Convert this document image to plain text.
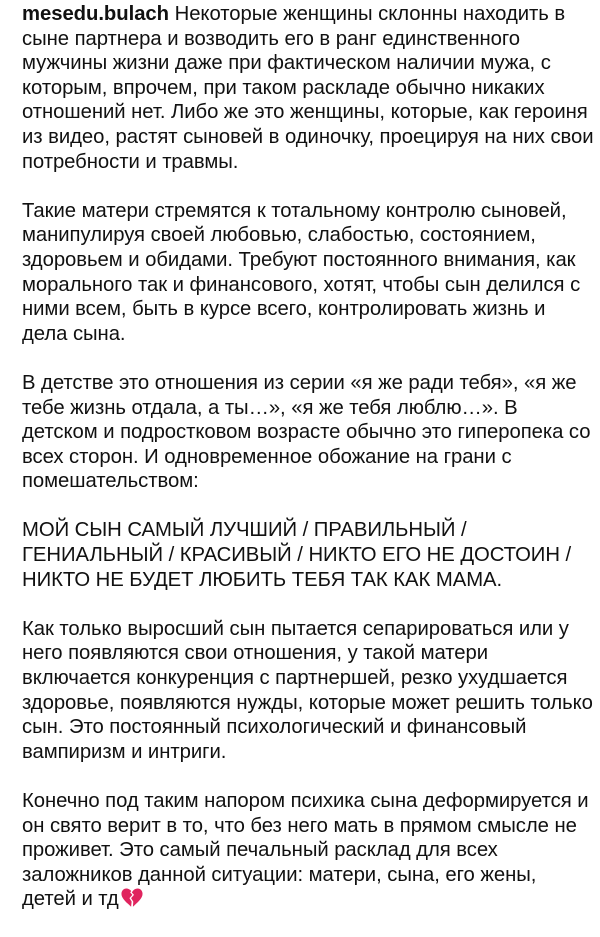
mesedu.bulach Некоторые женщины склонны находить в сыне партнера и возводить его в ранг единственного мужчины жизни даже при фактическом наличии мужа, с которым, впрочем, при таком раскладе обычно никаких отношений нет. Либо же это женщины, которые, как героиня из видео, растят сыновей в одиночку, проецируя на них свои потребности и травмы.

Такие матери стремятся к тотальному контролю сыновей, манипулируя своей любовью, слабостью, состоянием, здоровьем и обидами. Требуют постоянного внимания, как морального так и финансового, хотят, чтобы сын делился с ними всем, быть в курсе всего, контролировать жизнь и дела сына.

В детстве это отношения из серии «я же ради тебя», «я же тебе жизнь отдала, а ты…», «я же тебя люблю…». В детском и подростковом возрасте обычно это гиперопека со всех сторон. И одновременное обожание на грани с помешательством:

МОЙ СЫН САМЫЙ ЛУЧШИЙ / ПРАВИЛЬНЫЙ / ГЕНИАЛЬНЫЙ / КРАСИВЫЙ / НИКТО ЕГО НЕ ДОСТОИН / НИКТО НЕ БУДЕТ ЛЮБИТЬ ТЕБЯ ТАК КАК МАМА.

Как только выросший сын пытается сепарироваться или у него появляются свои отношения, у такой матери включается конкуренция с партнершей, резко ухудшается здоровье, появляются нужды, которые может решить только сын. Это постоянный психологический и финансовый вампиризм и интриги.

Конечно под таким напором психика сына деформируется и он свято верит в то, что без него мать в прямом смысле не проживет. Это самый печальный расклад для всех заложников данной ситуации: матери, сына, его жены, детей и тд
